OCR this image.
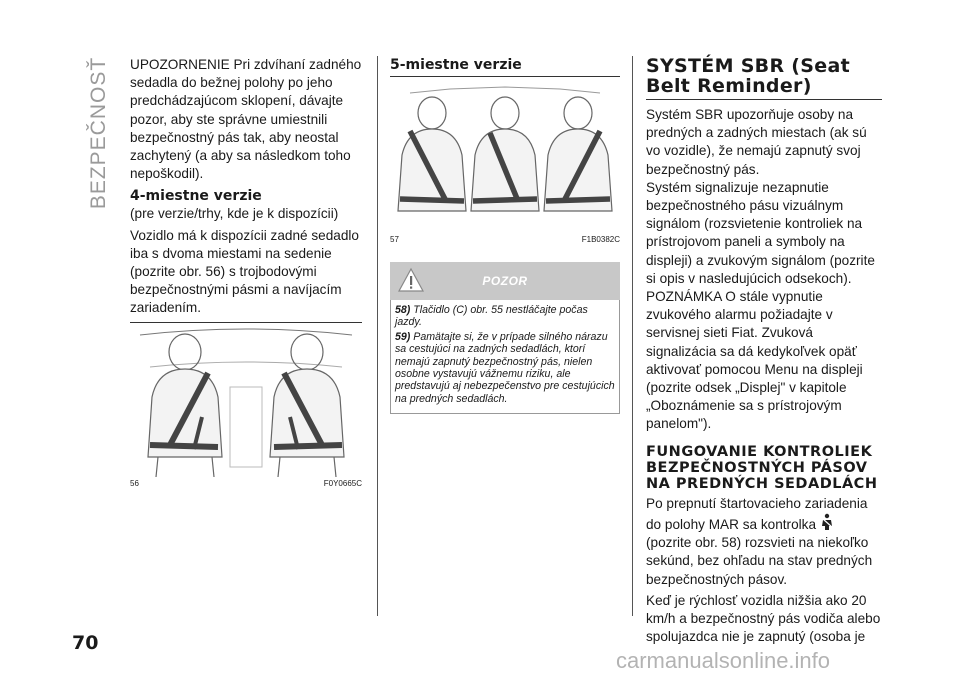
BEZPEČNOSŤ UPOZORNENIE Pri zdvíhaní zadného sedadla do bežnej polohy po jeho predchádzajúcom sklopení, dávajte pozor, aby ste správne umiestnili bezpečnostný pás tak, aby neostal zachytený (a aby sa následkom toho nepoškodil).

4-miestne verzie

(pre verzie/trhy, kde je k dispozícii)

Vozidlo má k dispozícii zadné sedadlo iba s dvoma miestami na sedenie (pozrite obr. 56) s trojbodovými bezpečnostnými pásmi a navíjacím zariadením.

56	F0Y0665C
5-miestne verzie
57	F1B0382C
POZOR

58) Tlačidlo (C) obr. 55 nestláčajte počas jazdy.

59) Pamätajte si, že v prípade silného nárazu sa cestujúci na zadných sedadlách, ktorí nemajú zapnutý bezpečnostný pás, nielen osobne vystavujú vážnemu riziku, ale predstavujú aj nebezpečenstvo pre cestujúcich na predných sedadlách.

SYSTÉM SBR (Seat Belt Reminder)

Systém SBR upozorňuje osoby na predných a zadných miestach (ak sú vo vozidle), že nemajú zapnutý svoj bezpečnostný pás.

Systém signalizuje nezapnutie bezpečnostného pásu vizuálnym signálom (rozsvietenie kontroliek na prístrojovom paneli a symboly na displeji) a zvukovým signálom (pozrite si opis v nasledujúcich odsekoch).

POZNÁMKA O stále vypnutie zvukového alarmu požiadajte v servisnej sieti Fiat. Zvuková signalizácia sa dá kedykoľvek opäť aktivovať pomocou Menu na displeji (pozrite odsek „Displej" v kapitole „Oboznámenie sa s prístrojovým panelom").

FUNGOVANIE KONTROLIEK BEZPEČNOSTNÝCH PÁSOV NA PREDNÝCH SEDADLÁCH

Po prepnutí štartovacieho zariadenia do polohy MAR sa kontrolka  (pozrite obr. 58) rozsvieti na niekoľko sekúnd, bez ohľadu na stav predných bezpečnostných pásov.

Keď je rýchlosť vozidla nižšia ako 20 km/h a bezpečnostný pás vodiča alebo spolujazdca nie je zapnutý (osoba je

70
carmanualsonline.info
